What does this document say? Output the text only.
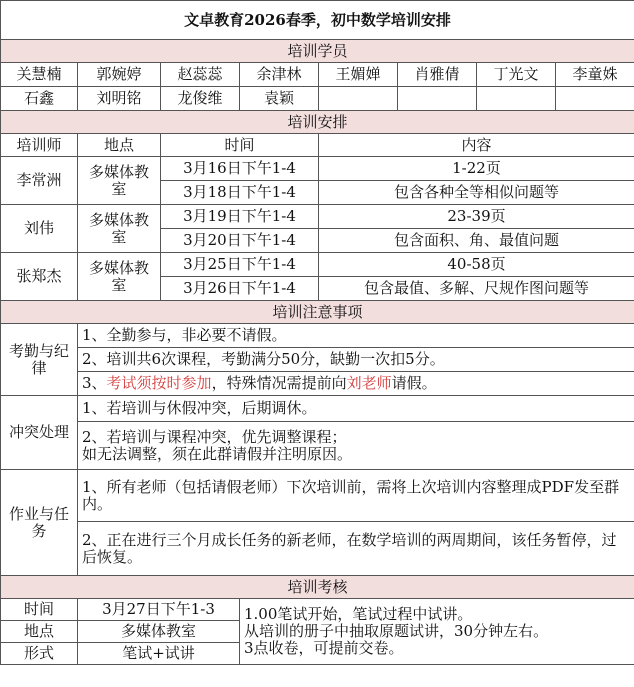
文卓教育2026春季，初中数学培训安排							
培训学员							
关慧楠	郭婉婷	赵蕊蕊	余津林	王媚婵	肖雅倩	丁光文	李童姝
石鑫	刘明铭	龙俊维	袁颖				
培训安排							
培训师	地点	时间		内容			
李常洲	多媒体教室	3月16日下午1-4		1-22页			
		3月18日下午1-4		包含各种全等相似问题等			
刘伟	多媒体教室	3月19日下午1-4		23-39页			
		3月20日下午1-4		包含面积、角、最值问题			
张郑杰	多媒体教室	3月25日下午1-4		40-58页			
		3月26日下午1-4		包含最值、多解、尺规作图问题等			
培训注意事项							
考勤与纪律	1、全勤参与，非必要不请假。						
	2、培训共6次课程，考勤满分50分，缺勤一次扣5分。						
	3、考试须按时参加，特殊情况需提前向刘老师请假。						
冲突处理	1、若培训与休假冲突，后期调休。						

	2、若培训与课程冲突，优先调整课程；
如无法调整，须在此群请假并注明原因。						

作业与任务	1、所有老师（包括请假老师）下次培训前，需将上次培训内容整理成PDF发至群内。						
	2、正在进行三个月成长任务的新老师，在数学培训的两周期间，该任务暂停，过后恢复。						
培训考核							
时间	3月27日下午1-3		1.00笔试开始，笔试过程中试讲。
从培训的册子中抽取原题试讲，30分钟左右。
3点收卷，可提前交卷。				

地点	多媒体教室						
形式	笔试+试讲						
